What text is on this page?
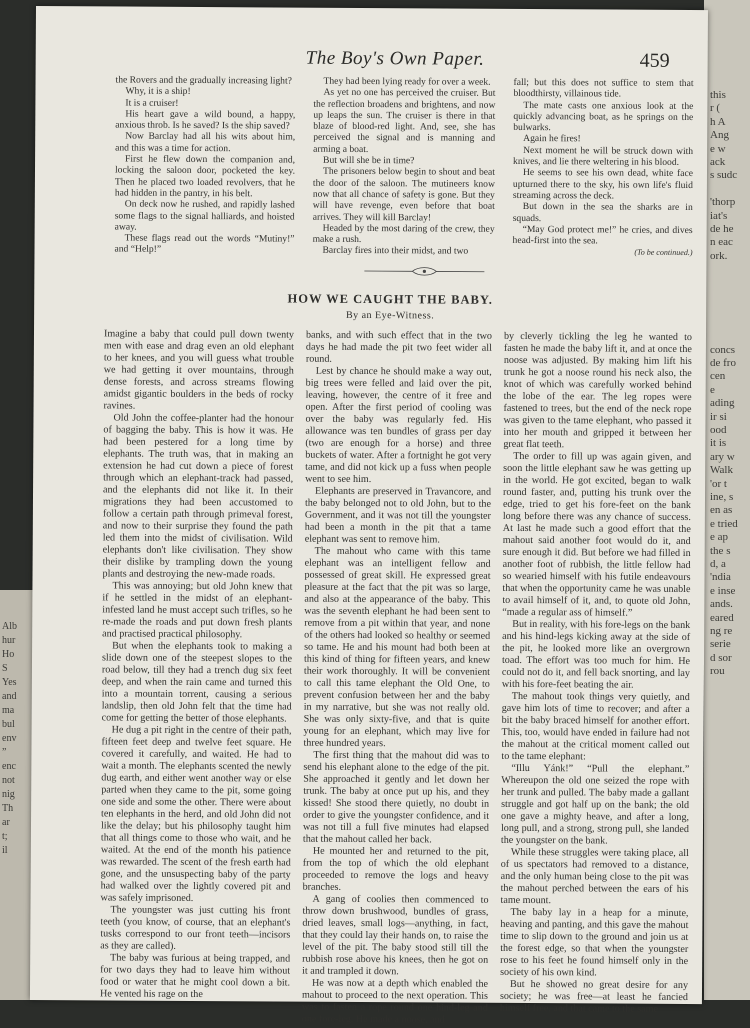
Alb
hur
Ho
S
Yes
and
ma
bul
env
”
enc
not
nig
Th
ar
t;
il
this
r (
h A
Ang
e w
ack
s sudc
'thorp
iat's
de he
n eac
ork.
concs
de fro
cen
e
ading
ir si
ood
it is
ary w
Walk
'or t
ine, s
en as
e tried
e ap
the s
d, a
'ndia
e inse
ands.
eared
ng re
serie
d sor
rou
The Boy's Own Paper.	459

the Rovers and the gradually increasing light?

Why, it is a ship!

It is a cruiser!

His heart gave a wild bound, a happy, anxious throb. Is he saved? Is the ship saved?

Now Barclay had all his wits about him, and this was a time for action.

First he flew down the companion and, locking the saloon door, pocketed the key. Then he placed two loaded revolvers, that he had hidden in the pantry, in his belt.

On deck now he rushed, and rapidly lashed some flags to the signal halliards, and hoisted away.

These flags read out the words “Mutiny!” and “Help!”

They had been lying ready for over a week.

As yet no one has perceived the cruiser. But the reflection broadens and brightens, and now up leaps the sun. The cruiser is there in that blaze of blood-red light. And, see, she has perceived the signal and is manning and arming a boat.

But will she be in time?

The prisoners below begin to shout and beat the door of the saloon. The mutineers know now that all chance of safety is gone. But they will have revenge, even before that boat arrives. They will kill Barclay!

Headed by the most daring of the crew, they make a rush.

Barclay fires into their midst, and two

fall; but this does not suffice to stem that bloodthirsty, villainous tide.

The mate casts one anxious look at the quickly advancing boat, as he springs on the bulwarks.

Again he fires!

Next moment he will be struck down with knives, and lie there weltering in his blood.

He seems to see his own dead, white face upturned there to the sky, his own life's fluid streaming across the deck.

But down in the sea the sharks are in squads.

“May God protect me!” he cries, and dives head-first into the sea.

(To be continued.)

HOW WE CAUGHT THE BABY.
By an Eye-Witness.

Imagine a baby that could pull down twenty men with ease and drag even an old elephant to her knees, and you will guess what trouble we had getting it over mountains, through dense forests, and across streams flowing amidst gigantic boulders in the beds of rocky ravines.

Old John the coffee-planter had the honour of bagging the baby. This is how it was. He had been pestered for a long time by elephants. The truth was, that in making an extension he had cut down a piece of forest through which an elephant-track had passed, and the elephants did not like it. In their migrations they had been accustomed to follow a certain path through primeval forest, and now to their surprise they found the path led them into the midst of civilisation. Wild elephants don't like civilisation. They show their dislike by trampling down the young plants and destroying the new-made roads.

This was annoying; but old John knew that if he settled in the midst of an elephant-infested land he must accept such trifles, so he re-made the roads and put down fresh plants and practised practical philosophy.

But when the elephants took to making a slide down one of the steepest slopes to the road below, till they had a trench dug six feet deep, and when the rain came and turned this into a mountain torrent, causing a serious landslip, then old John felt that the time had come for getting the better of those elephants.

He dug a pit right in the centre of their path, fifteen feet deep and twelve feet square. He covered it carefully, and waited. He had to wait a month. The elephants scented the newly dug earth, and either went another way or else parted when they came to the pit, some going one side and some the other. There were about ten elephants in the herd, and old John did not like the delay; but his philosophy taught him that all things come to those who wait, and he waited. At the end of the month his patience was rewarded. The scent of the fresh earth had gone, and the unsuspecting baby of the party had walked over the lightly covered pit and was safely imprisoned.

The youngster was just cutting his front teeth (you know, of course, that an elephant's tusks correspond to our front teeth—incisors as they are called).

The baby was furious at being trapped, and for two days they had to leave him without food or water that he might cool down a bit. He vented his rage on the

banks, and with such effect that in the two days he had made the pit two feet wider all round.

Lest by chance he should make a way out, big trees were felled and laid over the pit, leaving, however, the centre of it free and open. After the first period of cooling was over the baby was regularly fed. His allowance was ten bundles of grass per day (two are enough for a horse) and three buckets of water. After a fortnight he got very tame, and did not kick up a fuss when people went to see him.

Elephants are preserved in Travancore, and the baby belonged not to old John, but to the Government, and it was not till the youngster had been a month in the pit that a tame elephant was sent to remove him.

The mahout who came with this tame elephant was an intelligent fellow and possessed of great skill. He expressed great pleasure at the fact that the pit was so large, and also at the appearance of the baby. This was the seventh elephant he had been sent to remove from a pit within that year, and none of the others had looked so healthy or seemed so tame. He and his mount had both been at this kind of thing for fifteen years, and knew their work thoroughly. It will be convenient to call this tame elephant the Old One, to prevent confusion between her and the baby in my narrative, but she was not really old. She was only sixty-five, and that is quite young for an elephant, which may live for three hundred years.

The first thing that the mahout did was to send his elephant alone to the edge of the pit. She approached it gently and let down her trunk. The baby at once put up his, and they kissed! She stood there quietly, no doubt in order to give the youngster confidence, and it was not till a full five minutes had elapsed that the mahout called her back.

He mounted her and returned to the pit, from the top of which the old elephant proceeded to remove the logs and heavy branches.

A gang of coolies then commenced to throw down brushwood, bundles of grass, dried leaves, small logs—anything, in fact, that they could lay their hands on, to raise the level of the pit. The baby stood still till the rubbish rose above his knees, then he got on it and trampled it down.

He was now at a depth which enabled the mahout to proceed to the next operation. This was to fasten a rope round one hind-leg and one fore-leg. He made a noose, and

by cleverly tickling the leg he wanted to fasten he made the baby lift it, and at once the noose was adjusted. By making him lift his trunk he got a noose round his neck also, the knot of which was carefully worked behind the lobe of the ear. The leg ropes were fastened to trees, but the end of the neck rope was given to the tame elephant, who passed it into her mouth and gripped it between her great flat teeth.

The order to fill up was again given, and soon the little elephant saw he was getting up in the world. He got excited, began to walk round faster, and, putting his trunk over the edge, tried to get his fore-feet on the bank long before there was any chance of success. At last he made such a good effort that the mahout said another foot would do it, and sure enough it did. But before we had filled in another foot of rubbish, the little fellow had so wearied himself with his futile endeavours that when the opportunity came he was unable to avail himself of it, and, to quote old John, “made a regular ass of himself.”

But in reality, with his fore-legs on the bank and his hind-legs kicking away at the side of the pit, he looked more like an overgrown toad. The effort was too much for him. He could not do it, and fell back snorting, and lay with his fore-feet beating the air.

The mahout took things very quietly, and gave him lots of time to recover; and after a bit the baby braced himself for another effort. This, too, would have ended in failure had not the mahout at the critical moment called out to the tame elephant:

“Illu Yánk!” “Pull the elephant.” Whereupon the old one seized the rope with her trunk and pulled. The baby made a gallant struggle and got half up on the bank; the old one gave a mighty heave, and after a long, long pull, and a strong, strong pull, she landed the youngster on the bank.

While these struggles were taking place, all of us spectators had removed to a distance, and the only human being close to the pit was the mahout perched between the ears of his tame mount.

The baby lay in a heap for a minute, heaving and panting, and this gave the mahout time to slip down to the ground and join us at the forest edge, so that when the youngster rose to his feet he found himself only in the society of his own kind.

But he showed no great desire for any society; he was free—at least he fancied himself free, and that came to the same
